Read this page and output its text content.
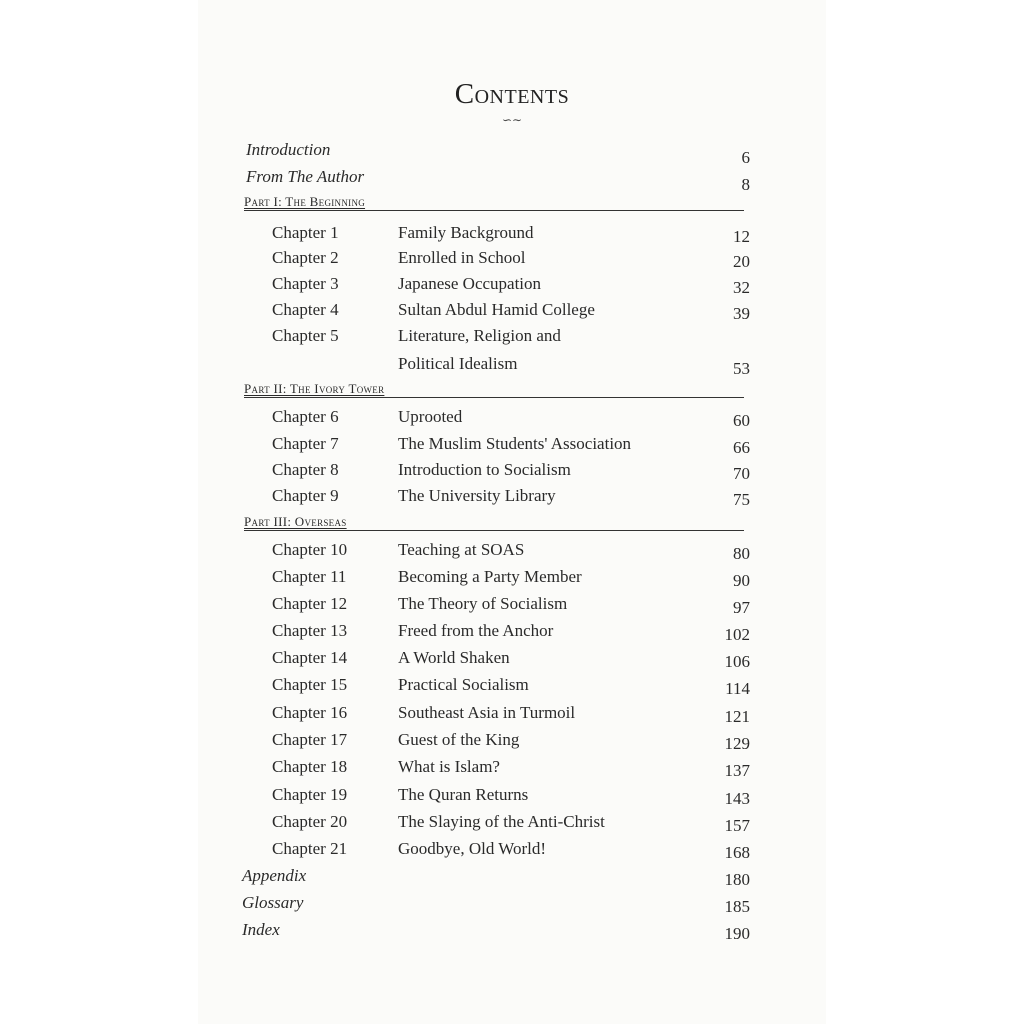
Contents
∽∼
Introduction	6
From The Author	8
Part I: The Beginning
Chapter 1	Family Background	12
Chapter 2	Enrolled in School	20
Chapter 3	Japanese Occupation	32
Chapter 4	Sultan Abdul Hamid College	39
Chapter 5	Literature, Religion and
Political Idealism	53
Part II: The Ivory Tower
Chapter 6	Uprooted	60
Chapter 7	The Muslim Students' Association	66
Chapter 8	Introduction to Socialism	70
Chapter 9	The University Library	75
Part III: Overseas
Chapter 10	Teaching at SOAS	80
Chapter 11	Becoming a Party Member	90
Chapter 12	The Theory of Socialism	97
Chapter 13	Freed from the Anchor	102
Chapter 14	A World Shaken	106
Chapter 15	Practical Socialism	114
Chapter 16	Southeast Asia in Turmoil	121
Chapter 17	Guest of the King	129
Chapter 18	What is Islam?	137
Chapter 19	The Quran Returns	143
Chapter 20	The Slaying of the Anti-Christ	157
Chapter 21	Goodbye, Old World!	168
Appendix	180
Glossary	185
Index	190
